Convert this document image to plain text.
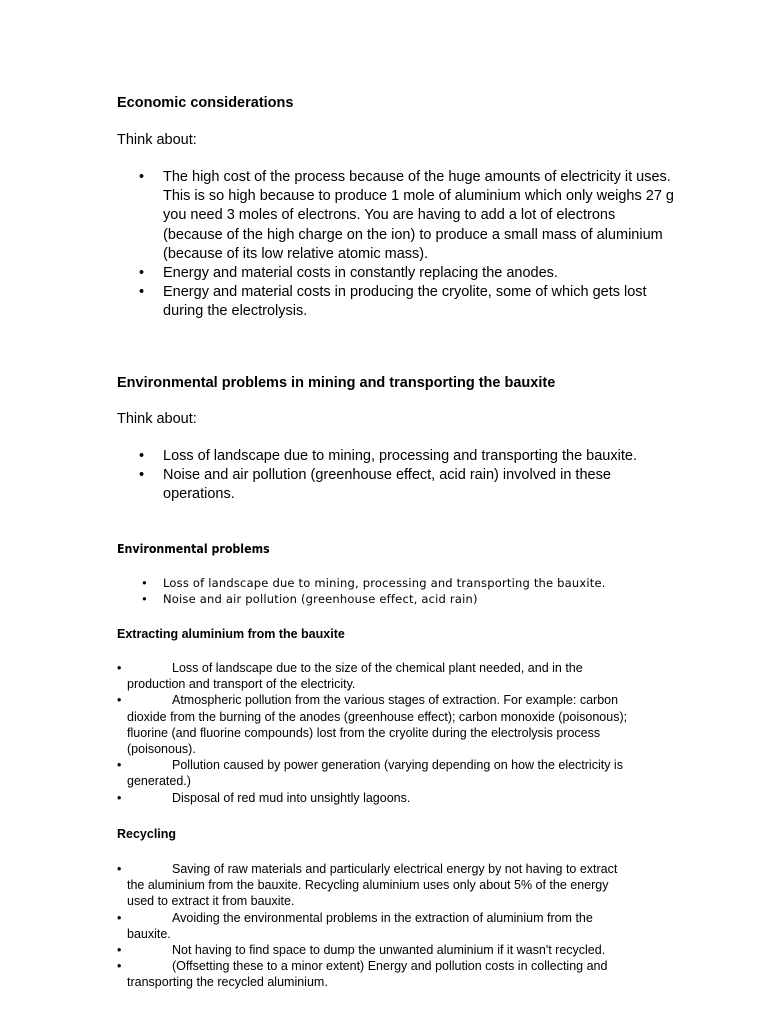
Economic considerations
Think about:
• The high cost of the process because of the huge amounts of electricity it uses. This is so high because to produce 1 mole of aluminium which only weighs 27 g you need 3 moles of electrons. You are having to add a lot of electrons (because of the high charge on the ion) to produce a small mass of aluminium (because of its low relative atomic mass).
• Energy and material costs in constantly replacing the anodes.
• Energy and material costs in producing the cryolite, some of which gets lost during the electrolysis.
Environmental problems in mining and transporting the bauxite
Think about:
• Loss of landscape due to mining, processing and transporting the bauxite.
• Noise and air pollution (greenhouse effect, acid rain) involved in these operations.
Environmental problems
• Loss of landscape due to mining, processing and transporting the bauxite.
• Noise and air pollution (greenhouse effect, acid rain)
Extracting aluminium from the bauxite
•	Loss of landscape due to the size of the chemical plant needed, and in the production and transport of the electricity.
•	Atmospheric pollution from the various stages of extraction. For example: carbon dioxide from the burning of the anodes (greenhouse effect); carbon monoxide (poisonous); fluorine (and fluorine compounds) lost from the cryolite during the electrolysis process (poisonous).
•	Pollution caused by power generation (varying depending on how the electricity is generated.)
•	Disposal of red mud into unsightly lagoons.
Recycling
•	Saving of raw materials and particularly electrical energy by not having to extract the aluminium from the bauxite. Recycling aluminium uses only about 5% of the energy used to extract it from bauxite.
•	Avoiding the environmental problems in the extraction of aluminium from the bauxite.
•	Not having to find space to dump the unwanted aluminium if it wasn't recycled.
•	(Offsetting these to a minor extent) Energy and pollution costs in collecting and transporting the recycled aluminium.
